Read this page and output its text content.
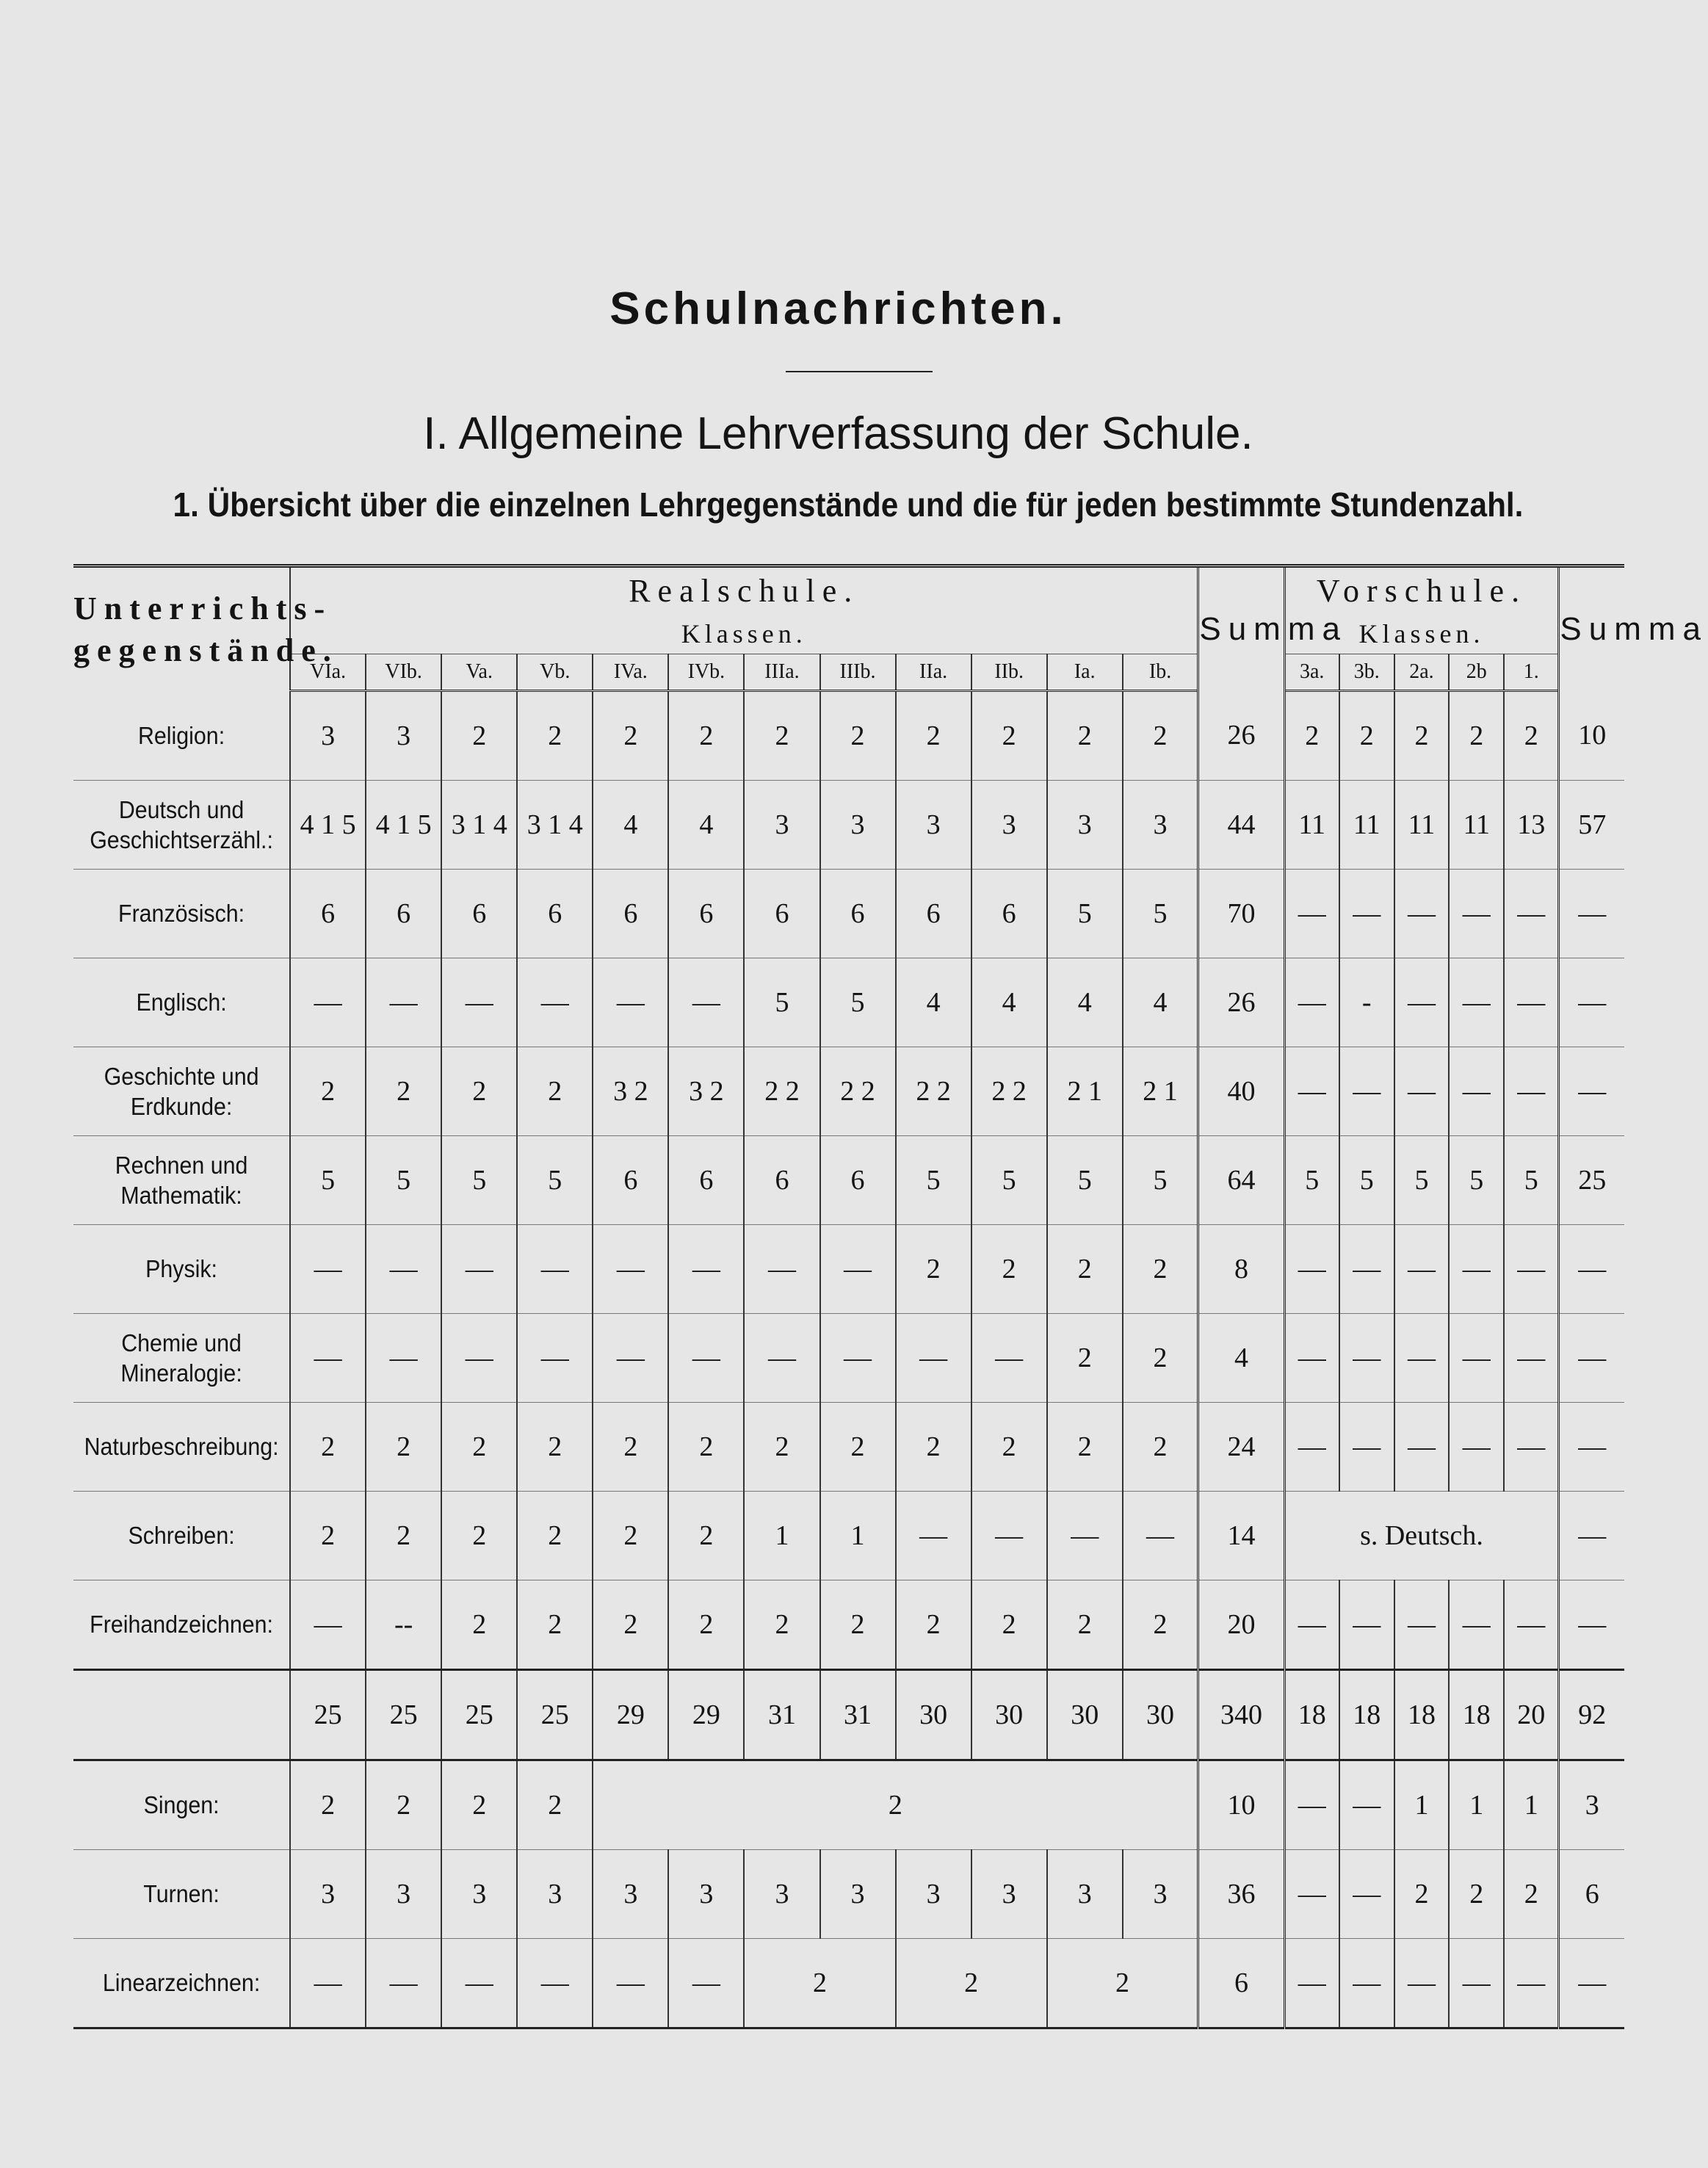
Schulnachrichten.
I. Allgemeine Lehrverfassung der Schule.
1. Übersicht über die einzelnen Lehrgegenstände und die für jeden bestimmte Stundenzahl.
Unterrichts-gegenstände.	Realschule.												Summa	Vorschule.					Summa
	Klassen.													Klassen.					
	VIa.	VIb.	Va.	Vb.	IVa.	IVb.	IIIa.	IIIb.	IIa.	IIb.	Ia.	Ib.		3a.	3b.	2a.	2b	1.	
Religion:	3	3	2	2	2	2	2	2	2	2	2	2	26	2	2	2	2	2	10
Deutsch und Geschichtserzähl.:	4 1 5	4 1 5	3 1 4	3 1 4	4	4	3	3	3	3	3	3	44	11	11	11	11	13	57
Französisch:	6	6	6	6	6	6	6	6	6	6	5	5	70	—	—	—	—	—	—
Englisch:	—	—	—	—	—	—	5	5	4	4	4	4	26	—	-	—	—	—	—
Geschichte und Erdkunde:	2	2	2	2	3 2	3 2	2 2	2 2	2 2	2 2	2 1	2 1	40	—	—	—	—	—	—
Rechnen und Mathematik:	5	5	5	5	6	6	6	6	5	5	5	5	64	5	5	5	5	5	25
Physik:	—	—	—	—	—	—	—	—	2	2	2	2	8	—	—	—	—	—	—
Chemie und Mineralogie:	—	—	—	—	—	—	—	—	—	—	2	2	4	—	—	—	—	—	—
Naturbeschreibung:	2	2	2	2	2	2	2	2	2	2	2	2	24	—	—	—	—	—	—
Schreiben:	2	2	2	2	2	2	1	1	—	—	—	—	14	s. Deutsch.					—
Freihandzeichnen:	—	--	2	2	2	2	2	2	2	2	2	2	20	—	—	—	—	—	—
	25	25	25	25	29	29	31	31	30	30	30	30	340	18	18	18	18	20	92
Singen:	2	2	2	2	2								10	—	—	1	1	1	3
Turnen:	3	3	3	3	3	3	3	3	3	3	3	3	36	—	—	2	2	2	6
Linearzeichnen:	—	—	—	—	—	—	2		2		2		6	—	—	—	—	—	—
